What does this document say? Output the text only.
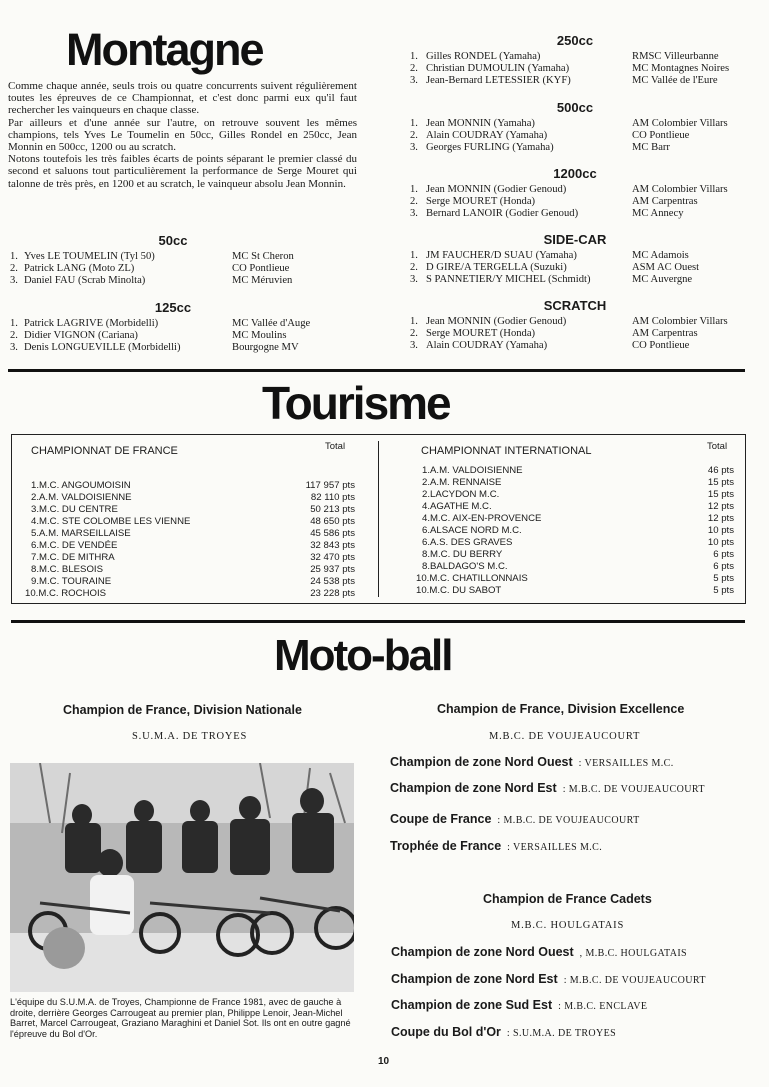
Montagne

Comme chaque année, seuls trois ou quatre concurrents suivent régulièrement toutes les épreuves de ce Championnat, et c'est donc parmi eux qu'il faut rechercher les vainqueurs en chaque classe.

Par ailleurs et d'une année sur l'autre, on retrouve souvent les mêmes champions, tels Yves Le Toumelin en 50cc, Gilles Rondel en 250cc, Jean Monnin en 500cc, 1200 ou au scratch.

Notons toutefois les très faibles écarts de points séparant le premier classé du second et saluons tout particulièrement la performance de Serge Mouret qui talonne de très près, en 1200 et au scratch, le vainqueur absolu Jean Monnin.

50cc
1. Yves LE TOUMELIN (Tyl 50)	MC St Cheron
2. Patrick LANG (Moto ZL)	CO Pontlieue
3. Daniel FAU (Scrab Minolta)	MC Méruvien
125cc
1. Patrick LAGRIVE (Morbidelli)	MC Vallée d'Auge
2. Didier VIGNON (Cariana)	MC Moulins
3. Denis LONGUEVILLE (Morbidelli)	Bourgogne MV
250cc
1. Gilles RONDEL (Yamaha)	RMSC Villeurbanne
2. Christian DUMOULIN (Yamaha)	MC Montagnes Noires
3. Jean-Bernard LETESSIER (KYF)	MC Vallée de l'Eure
500cc
1. Jean MONNIN (Yamaha)	AM Colombier Villars
2. Alain COUDRAY (Yamaha)	CO Pontlieue
3. Georges FURLING (Yamaha)	MC Barr
1200cc
1. Jean MONNIN (Godier Genoud)	AM Colombier Villars
2. Serge MOURET (Honda)	AM Carpentras
3. Bernard LANOIR (Godier Genoud)	MC Annecy
SIDE-CAR
1. JM FAUCHER/D SUAU (Yamaha)	MC Adamois
2. D GIRE/A TERGELLA (Suzuki)	ASM AC Ouest
3. S PANNETIER/Y MICHEL (Schmidt)	MC Auvergne
SCRATCH
1. Jean MONNIN (Godier Genoud)	AM Colombier Villars
2. Serge MOURET (Honda)	AM Carpentras
3. Alain COUDRAY (Yamaha)	CO Pontlieue
Tourisme
CHAMPIONNAT DE FRANCE	Total
1.M.C. ANGOUMOISIN	117 957 pts
2.A.M. VALDOISIENNE	82 110 pts
3.M.C. DU CENTRE	50 213 pts
4.M.C. STE COLOMBE LES VIENNE	48 650 pts
5.A.M. MARSEILLAISE	45 586 pts
6.M.C. DE VENDÉE	32 843 pts
7.M.C. DE MITHRA	32 470 pts
8.M.C. BLESOIS	25 937 pts
9.M.C. TOURAINE	24 538 pts
10.M.C. ROCHOIS	23 228 pts
CHAMPIONNAT INTERNATIONAL	Total
1.A.M. VALDOISIENNE	46 pts
2.A.M. RENNAISE	15 pts
2.LACYDON M.C.	15 pts
4.AGATHE M.C.	12 pts
4.M.C. AIX-EN-PROVENCE	12 pts
6.ALSACE NORD M.C.	10 pts
6.A.S. DES GRAVES	10 pts
8.M.C. DU BERRY	6 pts
8.BALDAGO'S M.C.	6 pts
10.M.C. CHATILLONNAIS	5 pts
10.M.C. DU SABOT	5 pts
Moto-ball
Champion de France, Division Nationale
S.U.M.A. DE TROYES
L'équipe du S.U.M.A. de Troyes, Championne de France 1981, avec de gauche à droite, derrière Georges Carrougeat au premier plan, Philippe Lenoir, Jean-Michel Barret, Marcel Carrougeat, Graziano Maraghini et Daniel Sot. Ils ont en outre gagné l'épreuve du Bol d'Or.
Champion de France, Division Excellence
M.B.C. DE VOUJEAUCOURT
Champion de zone Nord Ouest : VERSAILLES M.C.
Champion de zone Nord Est : M.B.C. DE VOUJEAUCOURT
Coupe de France : M.B.C. DE VOUJEAUCOURT
Trophée de France : VERSAILLES M.C.
Champion de France Cadets
M.B.C. HOULGATAIS
Champion de zone Nord Ouest , M.B.C. HOULGATAIS
Champion de zone Nord Est : M.B.C. DE VOUJEAUCOURT
Champion de zone Sud Est : M.B.C. ENCLAVE
Coupe du Bol d'Or : S.U.M.A. DE TROYES
10
